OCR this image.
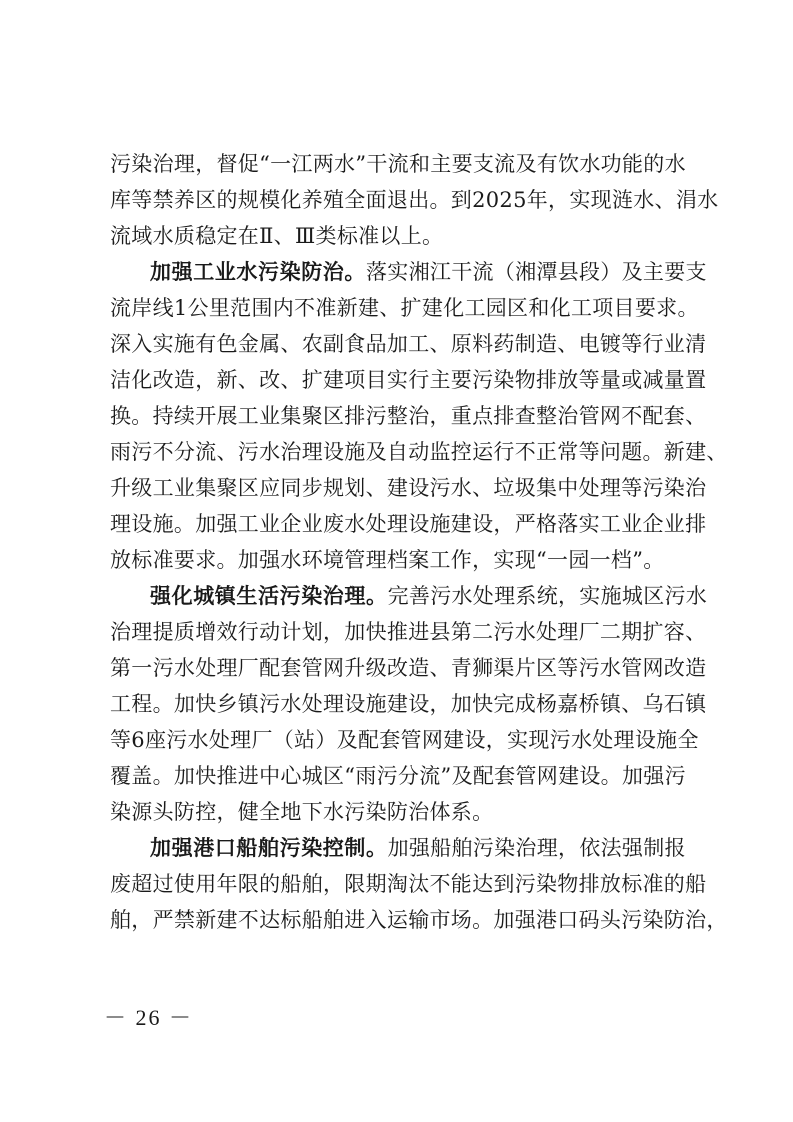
污染治理，督促“一江两水”干流和主要支流及有饮水功能的水
库等禁养区的规模化养殖全面退出。到2025年，实现涟水、涓水
流域水质稳定在Ⅱ、Ⅲ类标准以上。
加强工业水污染防治。落实湘江干流（湘潭县段）及主要支
流岸线1公里范围内不准新建、扩建化工园区和化工项目要求。
深入实施有色金属、农副食品加工、原料药制造、电镀等行业清
洁化改造，新、改、扩建项目实行主要污染物排放等量或减量置
换。持续开展工业集聚区排污整治，重点排查整治管网不配套、
雨污不分流、污水治理设施及自动监控运行不正常等问题。新建、
升级工业集聚区应同步规划、建设污水、垃圾集中处理等污染治
理设施。加强工业企业废水处理设施建设，严格落实工业企业排
放标准要求。加强水环境管理档案工作，实现“一园一档”。
强化城镇生活污染治理。完善污水处理系统，实施城区污水
治理提质增效行动计划，加快推进县第二污水处理厂二期扩容、
第一污水处理厂配套管网升级改造、青狮渠片区等污水管网改造
工程。加快乡镇污水处理设施建设，加快完成杨嘉桥镇、乌石镇
等6座污水处理厂（站）及配套管网建设，实现污水处理设施全
覆盖。加快推进中心城区“雨污分流”及配套管网建设。加强污
染源头防控，健全地下水污染防治体系。
加强港口船舶污染控制。加强船舶污染治理，依法强制报
废超过使用年限的船舶，限期淘汰不能达到污染物排放标准的船
舶，严禁新建不达标船舶进入运输市场。加强港口码头污染防治，
－ 26 －
